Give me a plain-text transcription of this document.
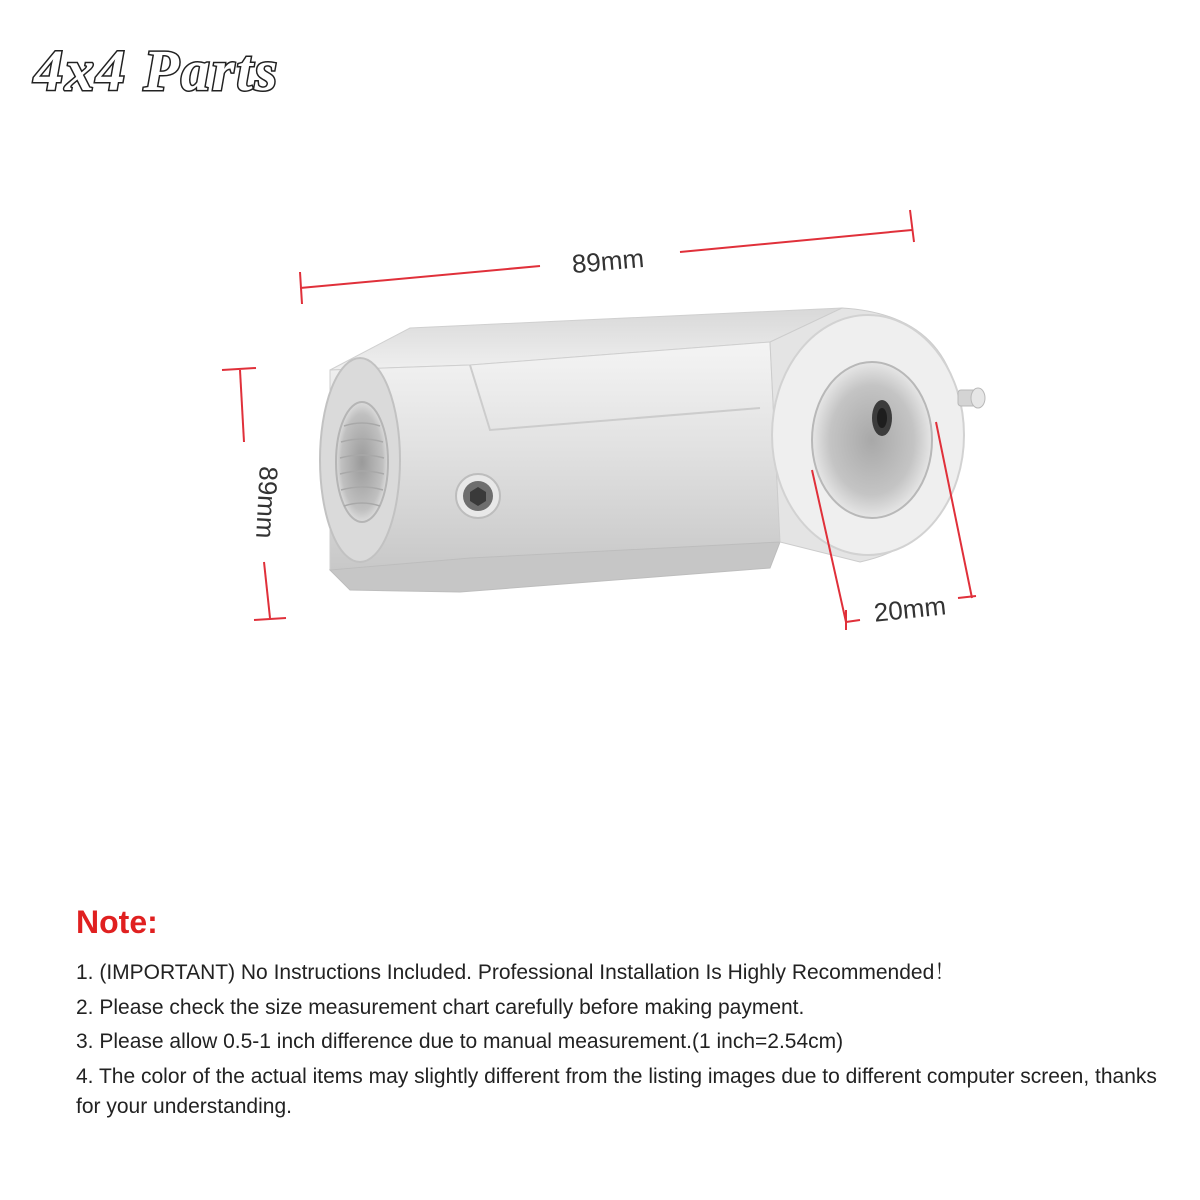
4x4 Parts
89mm
89mm
20mm
Note:

1. (IMPORTANT) No Instructions Included. Professional Installation Is Highly Recommended！

2. Please check the size measurement chart carefully before making payment.

3. Please allow 0.5-1 inch difference due to manual measurement.(1 inch=2.54cm)

4. The color of the actual items may slightly different from the listing images due to different computer screen, thanks for your understanding.
